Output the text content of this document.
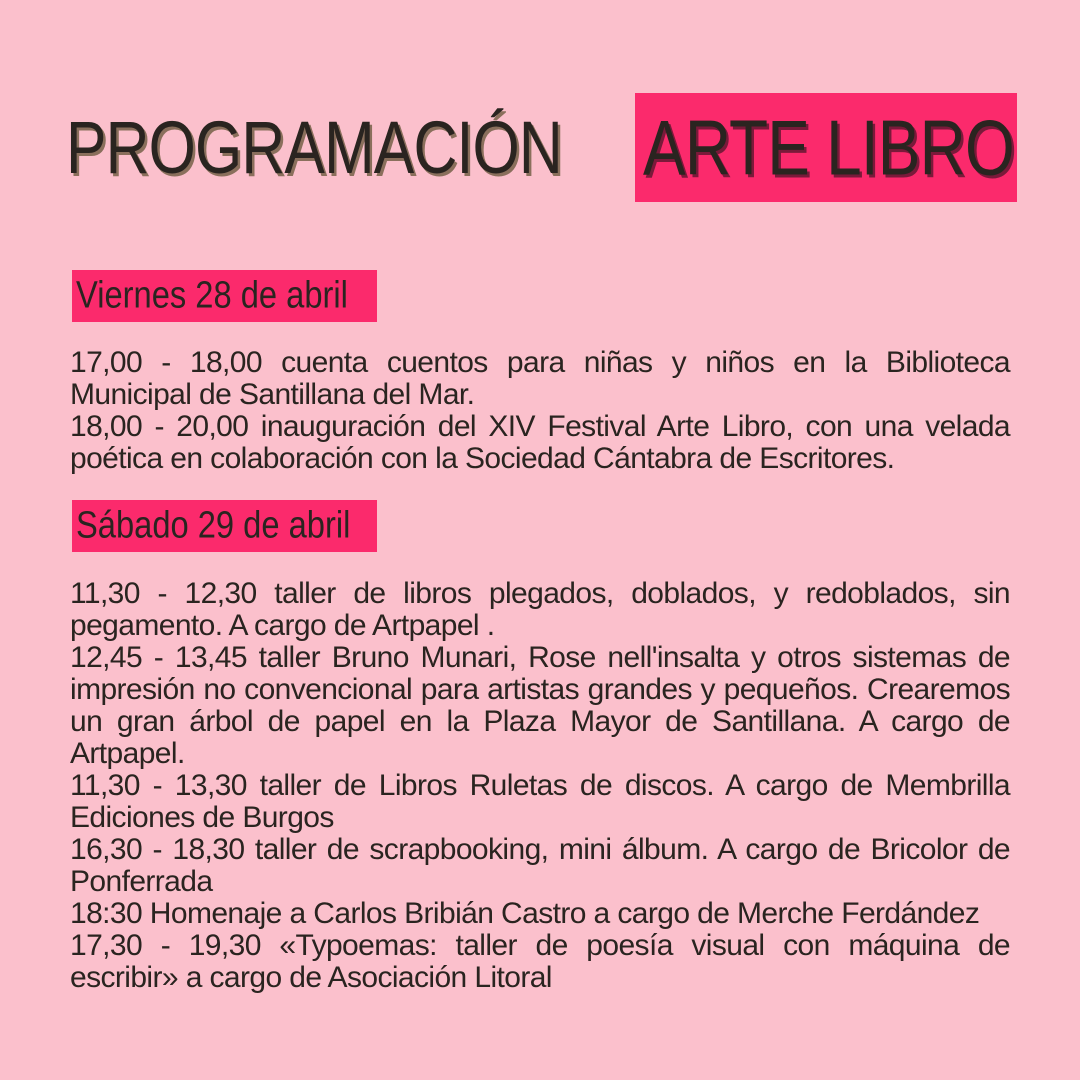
PROGRAMACIÓN ARTE LIBRO
Viernes 28 de abril

17,00 - 18,00 cuenta cuentos para niñas y niños en la Biblioteca Municipal de Santillana del Mar.

18,00 - 20,00 inauguración del XIV Festival Arte Libro, con una velada poética en colaboración con la Sociedad Cántabra de Escritores.

Sábado 29 de abril

11,30 - 12,30 taller de libros plegados, doblados, y redoblados, sin pegamento. A cargo de Artpapel .

12,45 - 13,45 taller Bruno Munari, Rose nell'insalta y otros sistemas de impresión no convencional para artistas grandes y pequeños. Crearemos un gran árbol de papel en la Plaza Mayor de Santillana. A cargo de Artpapel.

11,30 - 13,30 taller de Libros Ruletas de discos. A cargo de Membrilla Ediciones de Burgos

16,30 - 18,30 taller de scrapbooking, mini álbum. A cargo de Bricolor de Ponferrada

18:30 Homenaje a Carlos Bribián Castro a cargo de Merche Ferdández

17,30 - 19,30 «Typoemas: taller de poesía visual con máquina de escribir» a cargo de Asociación Litoral
